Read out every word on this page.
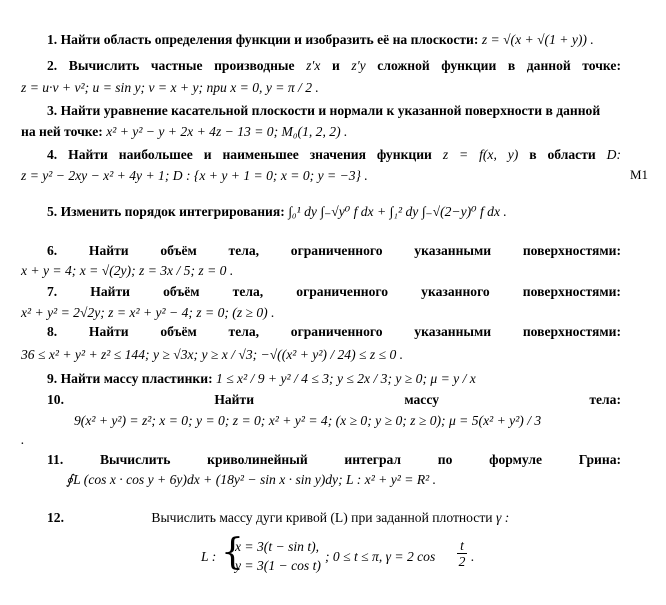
1. Найти область определения функции и изобразить её на плоскости: z = √(x + √(1 + y)) .
2. Вычислить частные производные z′x и z′y сложной функции в данной точке:
z = u·v + v²; u = sin y; v = x + y; при x = 0, y = π / 2 .
3. Найти уравнение касательной плоскости и нормали к указанной поверхности в данной
на ней точке: x² + y² − y + 2x + 4z − 13 = 0; M₀(1, 2, 2) .
4. Найти наибольшее и наименьшее значения функции z = f(x, y) в области D:
z = y² − 2xy − x² + 4y + 1; D : {x + y + 1 = 0; x = 0; y = −3} .	М1
5. Изменить порядок интегрирования: ∫₀¹ dy ∫₋√y⁰ f dx + ∫₁² dy ∫₋√(2−y)⁰ f dx .
6. Найти объём тела, ограниченного указанными поверхностями:
x + y = 4; x = √(2y); z = 3x / 5; z = 0 .
7. Найти объём тела, ограниченного указанного поверхностями:
x² + y² = 2√2y; z = x² + y² − 4; z = 0; (z ≥ 0) .
8. Найти объём тела, ограниченного указанными поверхностями:
36 ≤ x² + y² + z² ≤ 144; y ≥ √3x; y ≥ x / √3; −√((x² + y²) / 24) ≤ z ≤ 0 .
9. Найти массу пластинки: 1 ≤ x² / 9 + y² / 4 ≤ 3; y ≤ 2x / 3; y ≥ 0; μ = y / x
10.	Найти	массу	тела:
9(x² + y²) = z²; x = 0; y = 0; z = 0; x² + y² = 4; (x ≥ 0; y ≥ 0; z ≥ 0); μ = 5(x² + y²) / 3
.
11.	Вычислить	криволинейный	интеграл	по	формуле	Грина:
∮L (cos x · cos y + 6y)dx + (18y² − sin x · sin y)dy; L : x² + y² = R² .
12.	Вычислить массу дуги кривой (L) при заданной плотности γ :
L : {
x = 3(t − sin t),
y = 3(1 − cos t)
; 0 ≤ t ≤ π, γ = 2 $\cos \frac{t}{2}$ .
